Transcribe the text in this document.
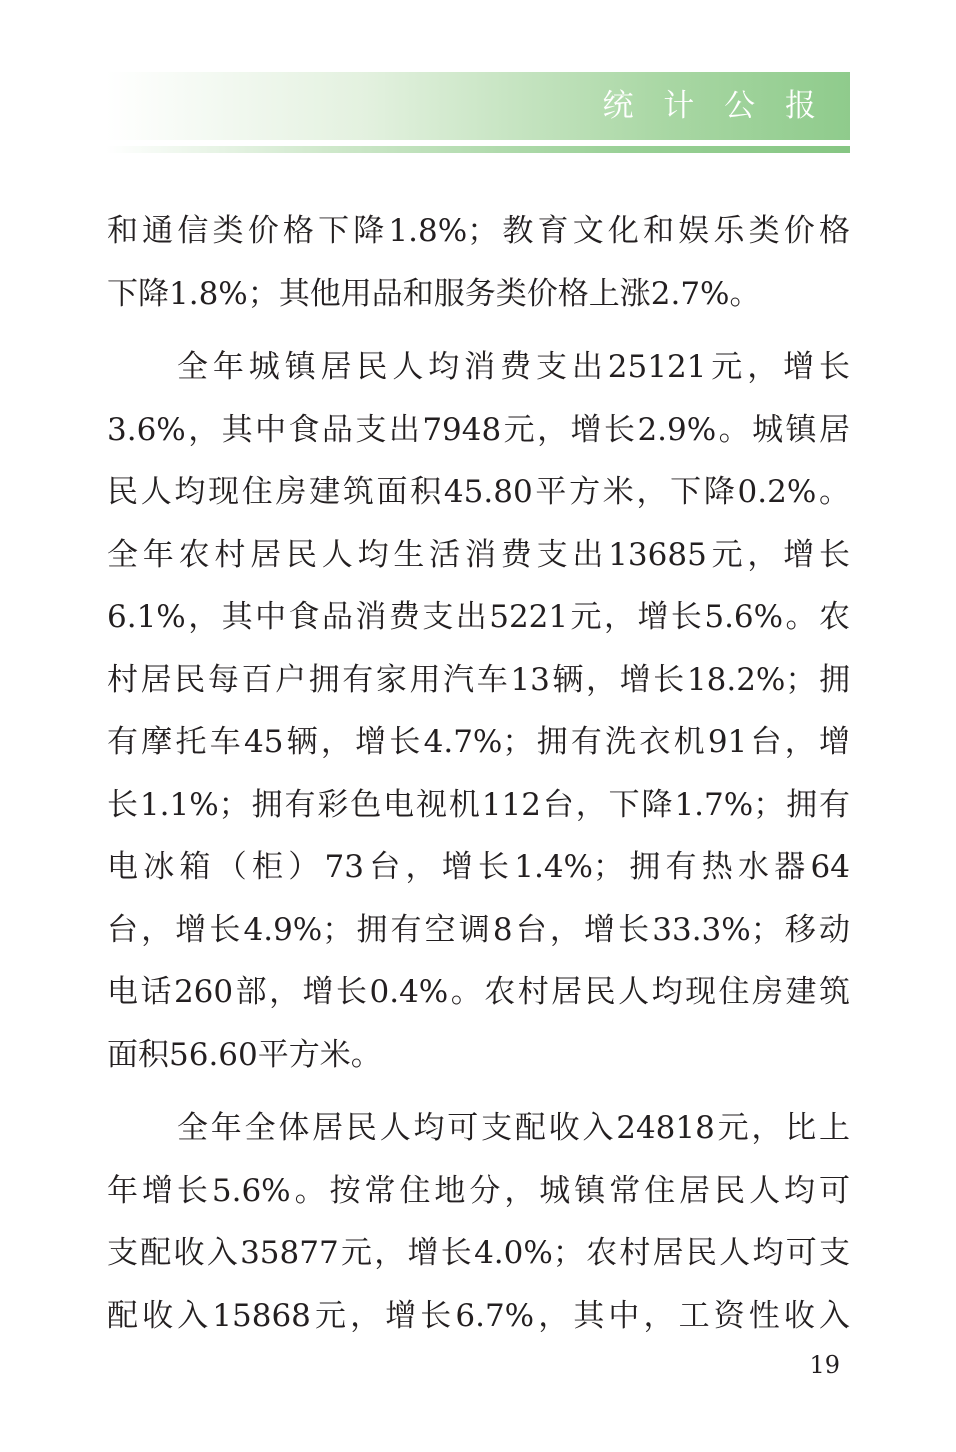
统 计 公 报
和通信类价格下降1.8%；教育文化和娱乐类价格
下降1.8%；其他用品和服务类价格上涨2.7%。
全年城镇居民人均消费支出25121元，增长
3.6%，其中食品支出7948元，增长2.9%。城镇居
民人均现住房建筑面积45.80平方米，下降0.2%。
全年农村居民人均生活消费支出13685元，增长
6.1%，其中食品消费支出5221元，增长5.6%。农
村居民每百户拥有家用汽车13辆，增长18.2%；拥
有摩托车45辆，增长4.7%；拥有洗衣机91台，增
长1.1%；拥有彩色电视机112台，下降1.7%；拥有
电冰箱（柜）73台，增长1.4%；拥有热水器64
台，增长4.9%；拥有空调8台，增长33.3%；移动
电话260部，增长0.4%。农村居民人均现住房建筑
面积56.60平方米。
全年全体居民人均可支配收入24818元，比上
年增长5.6%。按常住地分，城镇常住居民人均可
支配收入35877元，增长4.0%；农村居民人均可支
配收入15868元，增长6.7%，其中，工资性收入
19
